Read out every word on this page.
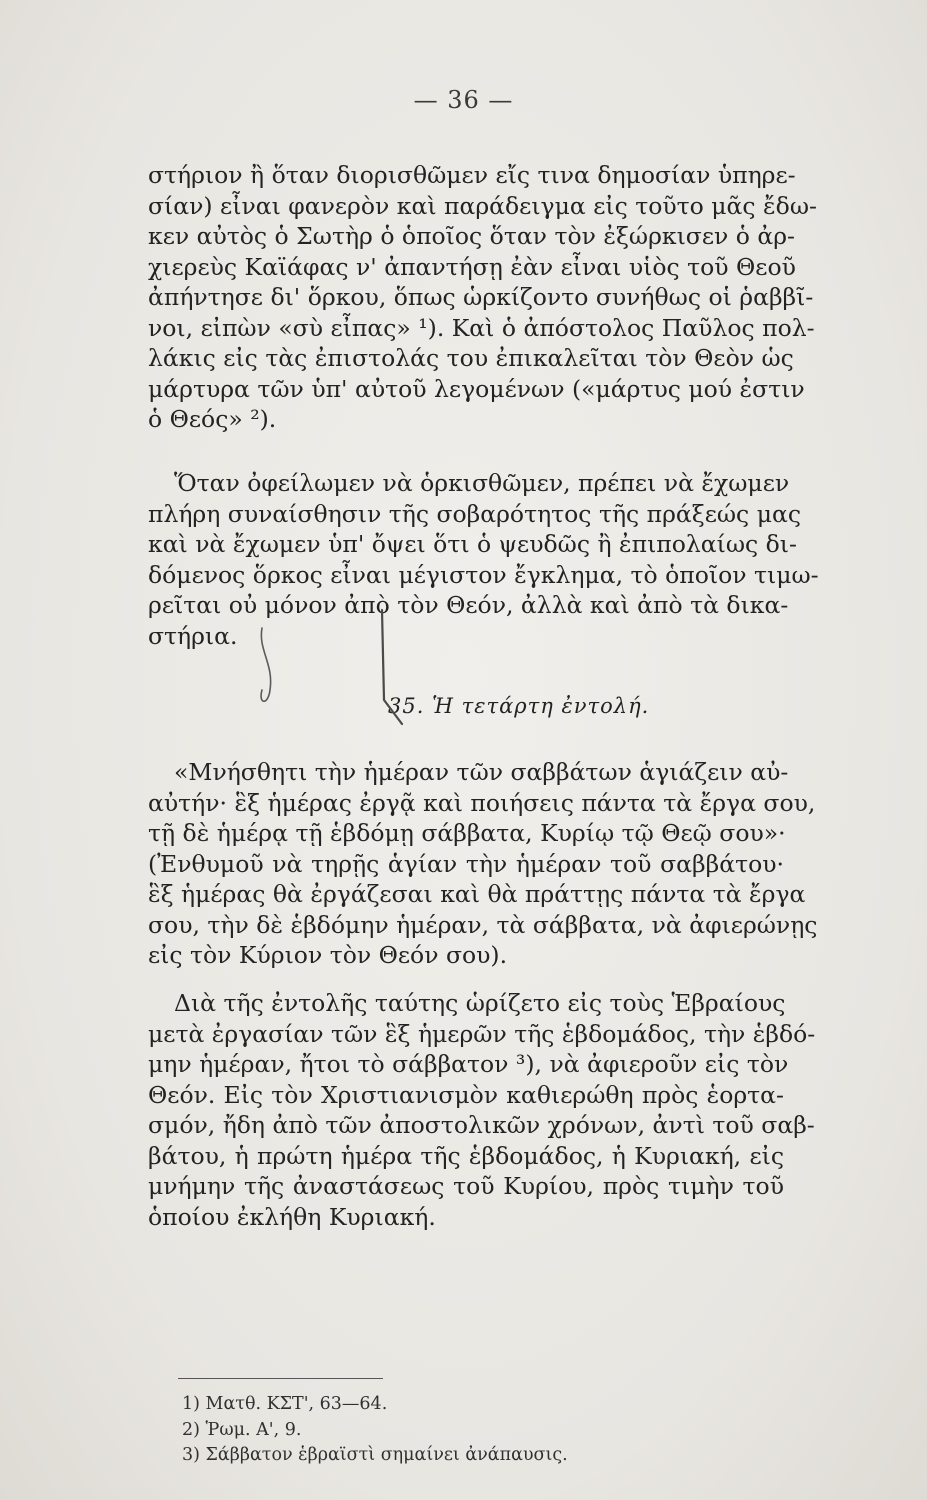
— 36 —
στήριον ἢ ὅταν διορισθῶμεν εἴς τινα δημοσίαν ὑπηρε-
σίαν) εἶναι φανερὸν καὶ παράδειγμα εἰς τοῦτο μᾶς ἔδω-
κεν αὐτὸς ὁ Σωτὴρ ὁ ὁποῖος ὅταν τὸν ἐξώρκισεν ὁ ἀρ-
χιερεὺς Καϊάφας ν' ἀπαντήσῃ ἐὰν εἶναι υἱὸς τοῦ Θεοῦ
ἀπήντησε δι' ὅρκου, ὅπως ὡρκίζοντο συνήθως οἱ ῥαββῖ-
νοι, εἰπὼν «σὺ εἶπας» ¹). Καὶ ὁ ἀπόστολος Παῦλος πολ-
λάκις εἰς τὰς ἐπιστολάς του ἐπικαλεῖται τὸν Θεὸν ὡς
μάρτυρα τῶν ὑπ' αὐτοῦ λεγομένων («μάρτυς μού ἐστιν
ὁ Θεός» ²).
Ὅταν ὀφείλωμεν νὰ ὁρκισθῶμεν, πρέπει νὰ ἔχωμεν
πλήρη συναίσθησιν τῆς σοβαρότητος τῆς πράξεώς μας
καὶ νὰ ἔχωμεν ὑπ' ὄψει ὅτι ὁ ψευδῶς ἢ ἐπιπολαίως δι-
δόμενος ὅρκος εἶναι μέγιστον ἔγκλημα, τὸ ὁποῖον τιμω-
ρεῖται οὐ μόνον ἀπὸ τὸν Θεόν, ἀλλὰ καὶ ἀπὸ τὰ δικα-
στήρια.
35. Ἡ τετάρτη ἐντολή.
«Μνήσθητι τὴν ἡμέραν τῶν σαββάτων ἁγιάζειν αὐ-
αὐτήν· ἓξ ἡμέρας ἐργᾷ καὶ ποιήσεις πάντα τὰ ἔργα σου,
τῇ δὲ ἡμέρᾳ τῇ ἑβδόμῃ σάββατα, Κυρίῳ τῷ Θεῷ σου»·
(Ἐνθυμοῦ νὰ τηρῇς ἁγίαν τὴν ἡμέραν τοῦ σαββάτου·
ἓξ ἡμέρας θὰ ἐργάζεσαι καὶ θὰ πράττῃς πάντα τὰ ἔργα
σου, τὴν δὲ ἑβδόμην ἡμέραν, τὰ σάββατα, νὰ ἀφιερώνῃς
εἰς τὸν Κύριον τὸν Θεόν σου).
Διὰ τῆς ἐντολῆς ταύτης ὡρίζετο εἰς τοὺς Ἑβραίους
μετὰ ἐργασίαν τῶν ἓξ ἡμερῶν τῆς ἑβδομάδος, τὴν ἑβδό-
μην ἡμέραν, ἤτοι τὸ σάββατον ³), νὰ ἀφιεροῦν εἰς τὸν
Θεόν. Εἰς τὸν Χριστιανισμὸν καθιερώθη πρὸς ἑορτα-
σμόν, ἤδη ἀπὸ τῶν ἀποστολικῶν χρόνων, ἀντὶ τοῦ σαβ-
βάτου, ἡ πρώτη ἡμέρα τῆς ἑβδομάδος, ἡ Κυριακή, εἰς
μνήμην τῆς ἀναστάσεως τοῦ Κυρίου, πρὸς τιμὴν τοῦ
ὁποίου ἐκλήθη Κυριακή.
1) Ματθ. ΚΣΤ', 63—64.
2) Ῥωμ. Α', 9.
3) Σάββατον ἑβραϊστὶ σημαίνει ἀνάπαυσις.
